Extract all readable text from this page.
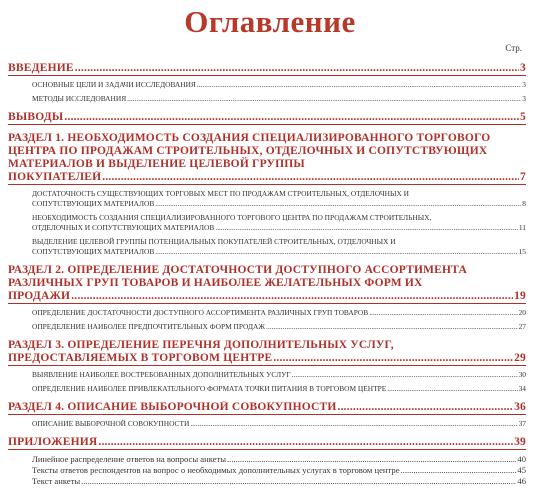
Оглавление
Стр.
ВВЕДЕНИЕ .....	3
ОСНОВНЫЕ ЦЕЛИ И ЗАДАЧИ ИССЛЕДОВАНИЯ .....	3
МЕТОДЫ ИССЛЕДОВАНИЯ .....	3
ВЫВОДЫ .....	5
РАЗДЕЛ 1. НЕОБХОДИМОСТЬ СОЗДАНИЯ СПЕЦИАЛИЗИРОВАННОГО ТОРГОВОГО ЦЕНТРА ПО ПРОДАЖАМ СТРОИТЕЛЬНЫХ, ОТДЕЛОЧНЫХ И СОПУТСТВУЮЩИХ МАТЕРИАЛОВ И ВЫДЕЛЕНИЕ ЦЕЛЕВОЙ ГРУППЫ
ПОКУПАТЕЛЕЙ .....	7
ДОСТАТОЧНОСТЬ СУЩЕСТВУЮЩИХ ТОРГОВЫХ МЕСТ ПО ПРОДАЖАМ СТРОИТЕЛЬНЫХ, ОТДЕЛОЧНЫХ И
СОПУТСТВУЮЩИХ МАТЕРИАЛОВ .....	8
НЕОБХОДИМОСТЬ СОЗДАНИЯ СПЕЦИАЛИЗИРОВАННОГО ТОРГОВОГО ЦЕНТРА ПО ПРОДАЖАМ СТРОИТЕЛЬНЫХ,
ОТДЕЛОЧНЫХ И СОПУТСТВУЮЩИХ МАТЕРИАЛОВ .....	11
ВЫДЕЛЕНИЕ ЦЕЛЕВОЙ ГРУППЫ ПОТЕНЦИАЛЬНЫХ ПОКУПАТЕЛЕЙ СТРОИТЕЛЬНЫХ, ОТДЕЛОЧНЫХ И
СОПУТСТВУЮЩИХ МАТЕРИАЛОВ .....	15
РАЗДЕЛ 2. ОПРЕДЕЛЕНИЕ ДОСТАТОЧНОСТИ ДОСТУПНОГО АССОРТИМЕНТА РАЗЛИЧНЫХ ГРУП ТОВАРОВ И НАИБОЛЕЕ ЖЕЛАТЕЛЬНЫХ ФОРМ ИХ
ПРОДАЖИ .....	19
ОПРЕДЕЛЕНИЕ ДОСТАТОЧНОСТИ ДОСТУПНОГО АССОРТИМЕНТА РАЗЛИЧНЫХ ГРУП ТОВАРОВ .....	20
ОПРЕДЕЛЕНИЕ НАИБОЛЕЕ ПРЕДПОЧТИТЕЛЬНЫХ ФОРМ ПРОДАЖ .....	27
РАЗДЕЛ 3. ОПРЕДЕЛЕНИЕ ПЕРЕЧНЯ ДОПОЛНИТЕЛЬНЫХ УСЛУГ,
ПРЕДОСТАВЛЯЕМЫХ В ТОРГОВОМ ЦЕНТРЕ .....	29
ВЫЯВЛЕНИЕ НАИБОЛЕЕ ВОСТРЕБОВАННЫХ ДОПОЛНИТЕЛЬНЫХ УСЛУГ .....	30
ОПРЕДЕЛЕНИЕ НАИБОЛЕЕ ПРИВЛЕКАТЕЛЬНОГО ФОРМАТА ТОЧКИ ПИТАНИЯ В ТОРГОВОМ ЦЕНТРЕ .....	34
РАЗДЕЛ 4. ОПИСАНИЕ ВЫБОРОЧНОЙ СОВОКУПНОСТИ .....	36
ОПИСАНИЕ ВЫБОРОЧНОЙ СОВОКУПНОСТИ .....	37
ПРИЛОЖЕНИЯ .....	39
Линейное распределение ответов на вопросы анкеты .....	40
Тексты ответов респондентов на вопрос о необходимых дополнительных услугах в торговом центре .....	45
Текст анкеты .....	46
